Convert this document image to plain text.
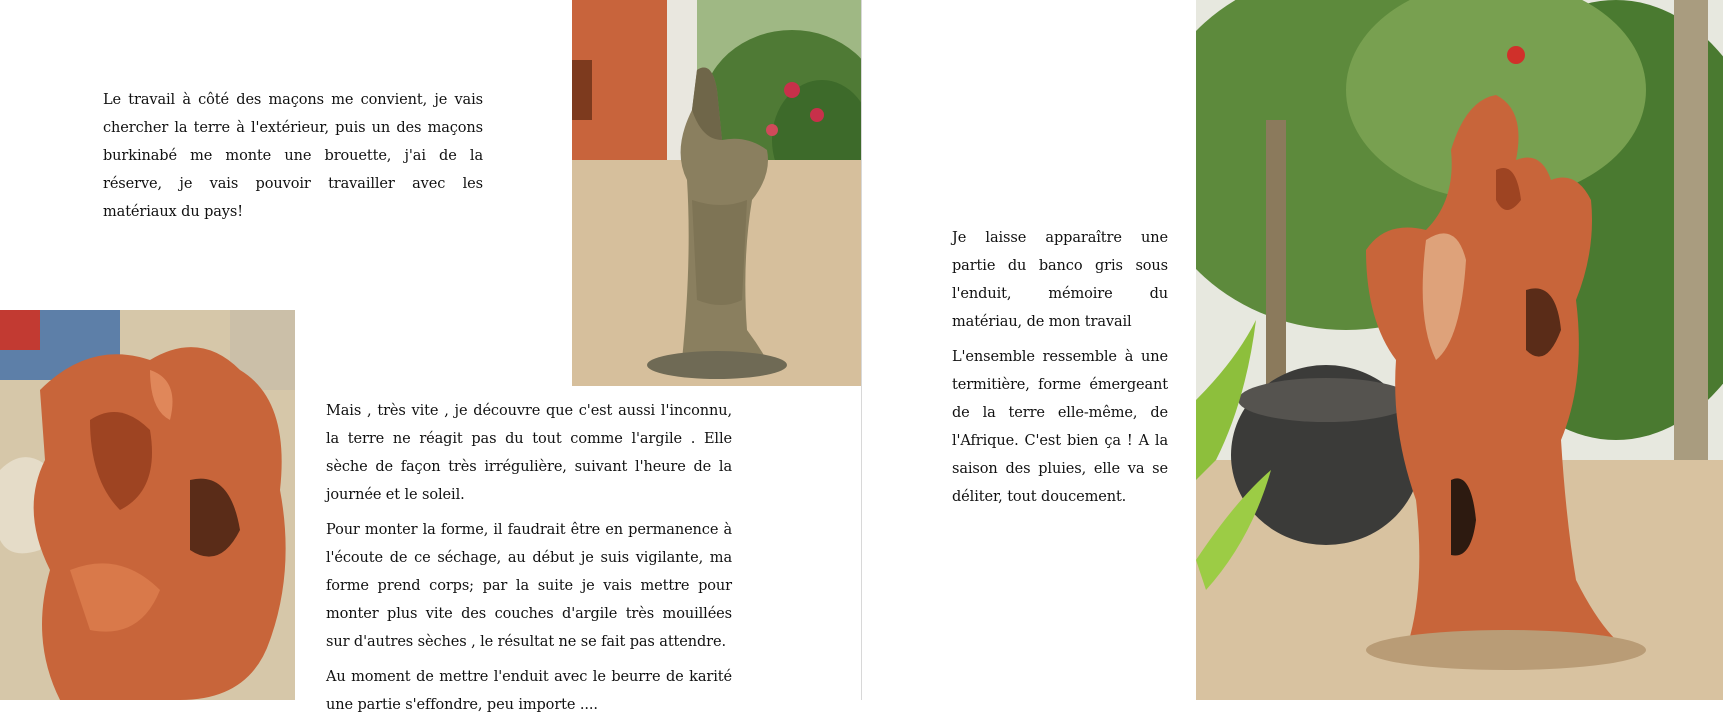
Le travail à côté des maçons me convient, je vais chercher la terre à l'extérieur, puis un des maçons burkinabé me monte une brouette, j'ai de la réserve, je vais pouvoir travailler avec les matériaux du pays!

Mais , très vite , je découvre que c'est aussi l'inconnu, la terre ne réagit pas du tout comme l'argile . Elle sèche de façon très irrégulière, suivant l'heure de la journée et le soleil.

Pour monter la forme, il faudrait être en permanence à l'écoute de ce séchage, au début je suis vigilante, ma forme prend corps; par la suite je vais mettre pour monter plus vite des couches d'argile très mouillées sur d'autres sèches , le résultat ne se fait pas attendre.

Au moment de mettre l'enduit avec le beurre de karité une partie s'effondre, peu importe ....

Je laisse apparaître une partie du banco gris sous l'enduit, mémoire du matériau, de mon travail

L'ensemble ressemble à une termitière, forme émergeant de la terre elle-même, de l'Afrique. C'est bien ça ! A la saison des pluies, elle va se déliter, tout doucement.
